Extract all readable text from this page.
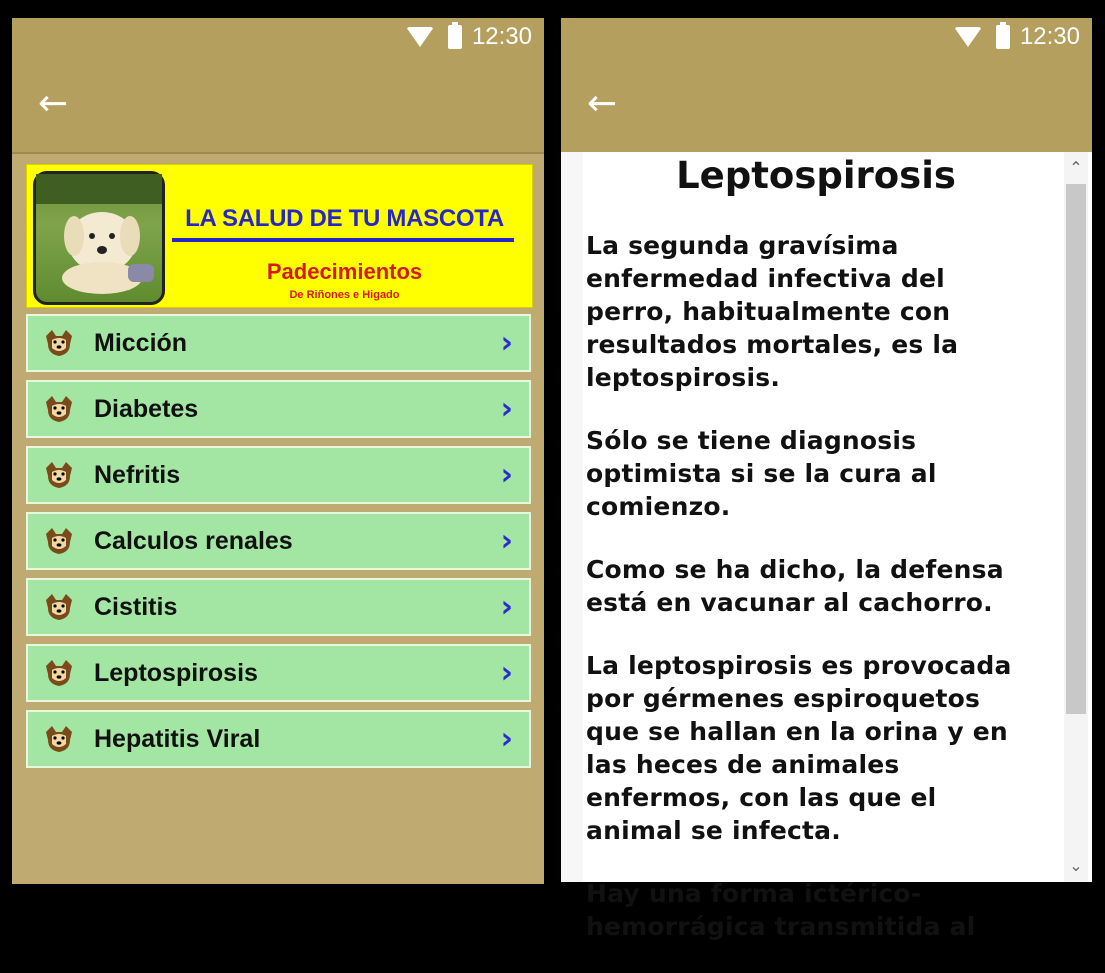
12:30
←
LA SALUD DE TU MASCOTA
Padecimientos
De Riñones e Higado
Micción	›
Diabetes	›
Nefritis	›
Calculos renales	›
Cistitis	›
Leptospirosis	›
Hepatitis Viral	›
12:30
←
Leptospirosis

La segunda gravísima enfermedad infectiva del perro, habitualmente con resultados mortales, es la leptospirosis.

Sólo se tiene diagnosis optimista si se la cura al comienzo.

Como se ha dicho, la defensa está en vacunar al cachorro.

La leptospirosis es provocada por gérmenes espiroquetos que se hallan en la orina y en las heces de animales enfermos, con las que el animal se infecta.

Hay una forma ictérico-hemorrágica transmitida al

⌃
⌄
